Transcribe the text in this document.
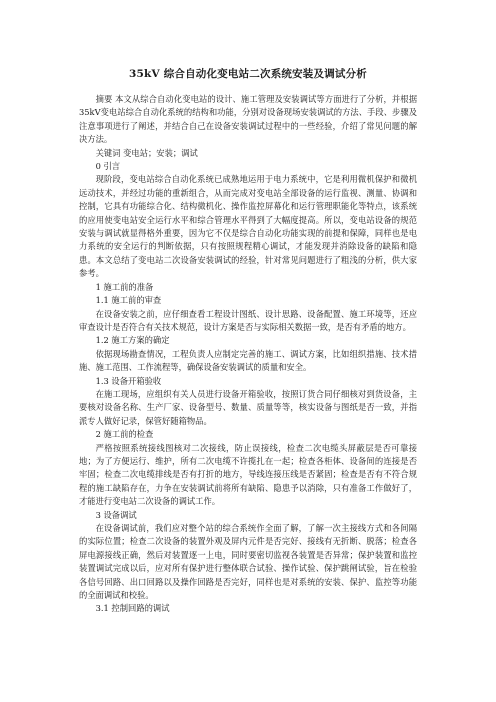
35kV 综合自动化变电站二次系统安装及调试分析

摘要 本文从综合自动化变电站的设计、施工管理及安装调试等方面进行了分析，并根据35kV变电站综合自动化系统的结构和功能，分别对设备现场安装调试的方法、手段、步骤及注意事项进行了阐述，并结合自己在设备安装调试过程中的一些经验，介绍了常见问题的解决方法。

关键词 变电站；安装；调试

0 引言

现阶段，变电站综合自动化系统已成熟地运用于电力系统中，它是利用微机保护和微机远动技术，并经过功能的重新组合，从而完成对变电站全部设备的运行监视、测量、协调和控制，它具有功能综合化、结构微机化、操作监控屏幕化和运行管理职能化等特点，该系统的应用使变电站安全运行水平和综合管理水平得到了大幅度提高。所以，变电站设备的规范安装与调试就显得格外重要，因为它不仅是综合自动化功能实现的前提和保障，同样也是电力系统的安全运行的判断依据，只有按照规程精心调试，才能发现并消除设备的缺陷和隐患。本文总结了变电站二次设备安装调试的经验，针对常见问题进行了粗浅的分析，供大家参考。

1 施工前的准备

1.1 施工前的审查

在设备安装之前，应仔细查看工程设计图纸、设计思路、设备配置、施工环境等，还应审查设计是否符合有关技术规范，设计方案是否与实际相关数据一致，是否有矛盾的地方。

1.2 施工方案的确定

依据现场勘查情况，工程负责人应制定完善的施工、调试方案，比如组织措施、技术措施、施工范围、工作流程等，确保设备安装调试的质量和安全。

1.3 设备开箱验收

在施工现场，应组织有关人员进行设备开箱验收，按照订货合同仔细核对到货设备，主要核对设备名称、生产厂家、设备型号、数量、质量等等，核实设备与图纸是否一致，并指派专人做好记录，保管好随箱物品。

2 施工前的检查

严格按照系统接线图核对二次接线，防止误接线，检查二次电缆头屏蔽层是否可靠接地；为了方便运行、维护，所有二次电缆不许揽扎在一起；检查各柜体、设备间的连接是否牢固；检查二次电缆排线是否有打折的地方，导线连接压线是否紧固；检查是否有不符合规程的施工缺陷存在，力争在安装调试前将所有缺陷、隐患予以消除，只有准备工作做好了，才能进行变电站二次设备的调试工作。

3 设备调试

在设备调试前，我们应对整个站的综合系统作全面了解，了解一次主接线方式和各间隔的实际位置；检查二次设备的装置外观及屏内元件是否完好、接线有无折断、脱落；检查各屏电源接线正确，然后对装置逐一上电，同时要密切监视各装置是否异常；保护装置和监控装置调试完成以后，应对所有保护进行整体联合试验、操作试验、保护跳闸试验，旨在检验各信号回路、出口回路以及操作回路是否完好，同样也是对系统的安装、保护、监控等功能的全面调试和校验。

3.1 控制回路的调试
